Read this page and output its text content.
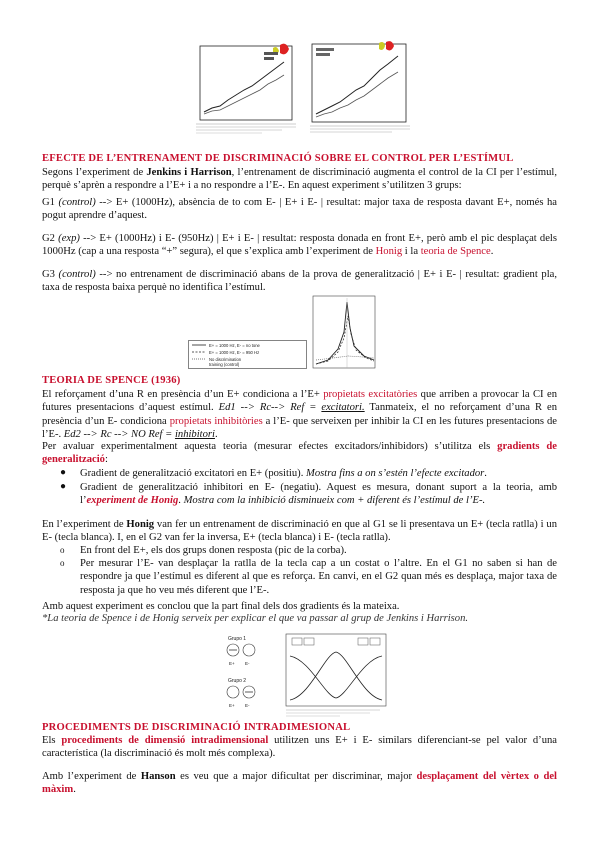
EFECTE DE L’ENTRENAMENT DE DISCRIMINACIÓ SOBRE EL CONTROL PER L’ESTÍMUL
Segons l’experiment de Jenkins i Harrison, l’entrenament de discriminació augmenta el control de la CI per l’estímul, perquè s’aprèn a respondre a l’E+ i a no respondre a l’E-. En aquest experiment s’utilitzen 3 grups:
G1 (control) --> E+ (1000Hz), absència de to com E- | E+ i E- | resultat: major taxa de resposta davant E+, només ha pogut aprendre d’aquest.
G2 (exp) --> E+ (1000Hz) i E- (950Hz) | E+ i E- | resultat: resposta donada en front E+, però amb el pic desplaçat dels 1000Hz (cap a una resposta “+” segura), el que s’explica amb l’experiment de Honig i la teoria de Spence.
G3 (control) --> no entrenament de discriminació abans de la prova de generalització | E+ i E- | resultat: gradient pla, taxa de resposta baixa perquè no identifica l’estímul.
E+ = 1000 Hz, E- = no tone
E+ = 1000 Hz, E- = 950 Hz
No discrimination
training (control)
TEORIA DE SPENCE (1936)
El reforçament d’una R en presència d’un E+ condiciona a l’E+ propietats excitatòries que arriben a provocar la CI en futures presentacions d’aquest estímul. Ed1 --> Rc--> Ref = excitatori. Tanmateix, el no reforçament d’una R en presència d’un E- condiciona propietats inhibitòries a l’E- que serveixen per inhibir la CI en les futures presentacions de l’E-. Ed2 --> Rc --> NO Ref = inhibitori.
Per avaluar experimentalment aquesta teoria (mesurar efectes excitadors/inhibidors) s’utilitza els gradients de generalització:
● Gradient de generalització excitatori en E+ (positiu). Mostra fins a on s’estén l’efecte excitador.
● Gradient de generalització inhibitori en E- (negatiu). Aquest es mesura, donant suport a la teoria, amb l’experiment de Honig. Mostra com la inhibició disminueix com + diferent és l’estímul de l’E-.
En l’experiment de Honig van fer un entrenament de discriminació en que al G1 se li presentava un E+ (tecla ratlla) i un E- (tecla blanca). I, en el G2 van fer la inversa, E+ (tecla blanca) i E- (tecla ratlla).
o En front del E+, els dos grups donen resposta (pic de la corba).
o Per mesurar l’E- van desplaçar la ratlla de la tecla cap a un costat o l’altre. En el G1 no saben si han de respondre ja que l’estímul es diferent al que es reforça. En canvi, en el G2 quan més es desplaça, major taxa de resposta ja que ho veu més diferent que l’E-.
Amb aquest experiment es conclou que la part final dels dos gradients és la mateixa.
*La teoria de Spence i de Honig serveix per explicar el que va passar al grup de Jenkins i Harrison.
Grupo 1
E+ E-
Grupo 2
E+ E-
PROCEDIMENTS DE DISCRIMINACIÓ INTRADIMESIONAL
Els procediments de dimensió intradimensional utilitzen uns E+ i E- similars diferenciant-se pel valor d’una característica (la discriminació és molt més complexa).
Amb l’experiment de Hanson es veu que a major dificultat per discriminar, major desplaçament del vèrtex o del màxim.
